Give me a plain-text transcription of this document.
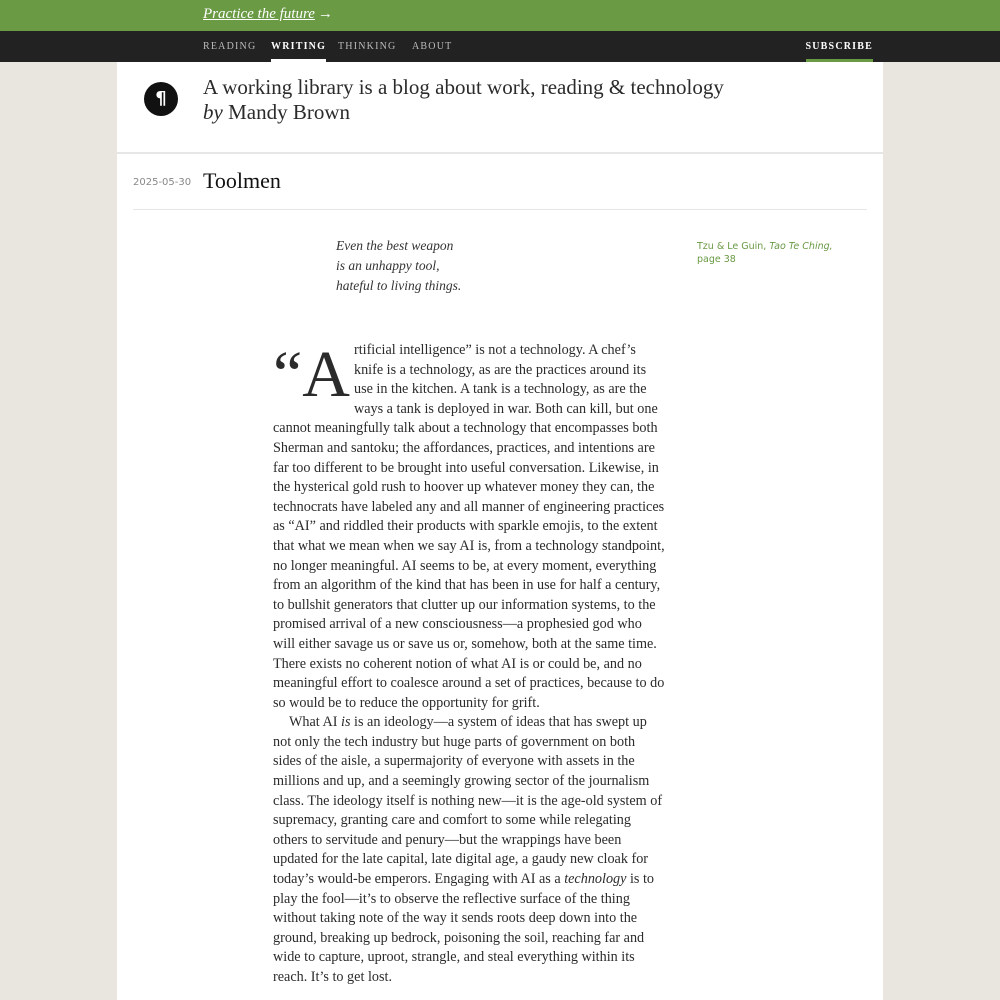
Practice the future →
READING WRITING THINKING ABOUT	SUBSCRIBE
¶	A working library is a blog about work, reading & technology
by Mandy Brown
2025-05-30 Toolmen
Even the best weapon
is an unhappy tool,
hateful to living things.
Tzu & Le Guin, Tao Te Ching,
page 38

“Artificial intelligence” is not a technology. A chef’s knife is a technology, as are the practices around its use in the kitchen. A tank is a technology, as are the ways a tank is deployed in war. Both can kill, but one cannot meaningfully talk about a technology that encompasses both Sherman and santoku; the affordances, practices, and intentions are far too different to be brought into useful conversation. Likewise, in the hysterical gold rush to hoover up whatever money they can, the technocrats have labeled any and all manner of engineering practices as “AI” and riddled their products with sparkle emojis, to the extent that what we mean when we say AI is, from a technology standpoint, no longer meaningful. AI seems to be, at every moment, everything from an algorithm of the kind that has been in use for half a century, to bullshit generators that clutter up our information systems, to the promised arrival of a new consciousness—a prophesied god who will either savage us or save us or, somehow, both at the same time. There exists no coherent notion of what AI is or could be, and no meaningful effort to coalesce around a set of practices, because to do so would be to reduce the opportunity for grift.

What AI is is an ideology—a system of ideas that has swept up not only the tech industry but huge parts of government on both sides of the aisle, a supermajority of everyone with assets in the millions and up, and a seemingly growing sector of the journalism class. The ideology itself is nothing new—it is the age-old system of supremacy, granting care and comfort to some while relegating others to servitude and penury—but the wrappings have been updated for the late capital, late digital age, a gaudy new cloak for today’s would-be emperors. Engaging with AI as a technology is to play the fool—it’s to observe the reflective surface of the thing without taking note of the way it sends roots deep down into the ground, breaking up bedrock, poisoning the soil, reaching far and wide to capture, uproot, strangle, and steal everything within its reach. It’s to get lost.
